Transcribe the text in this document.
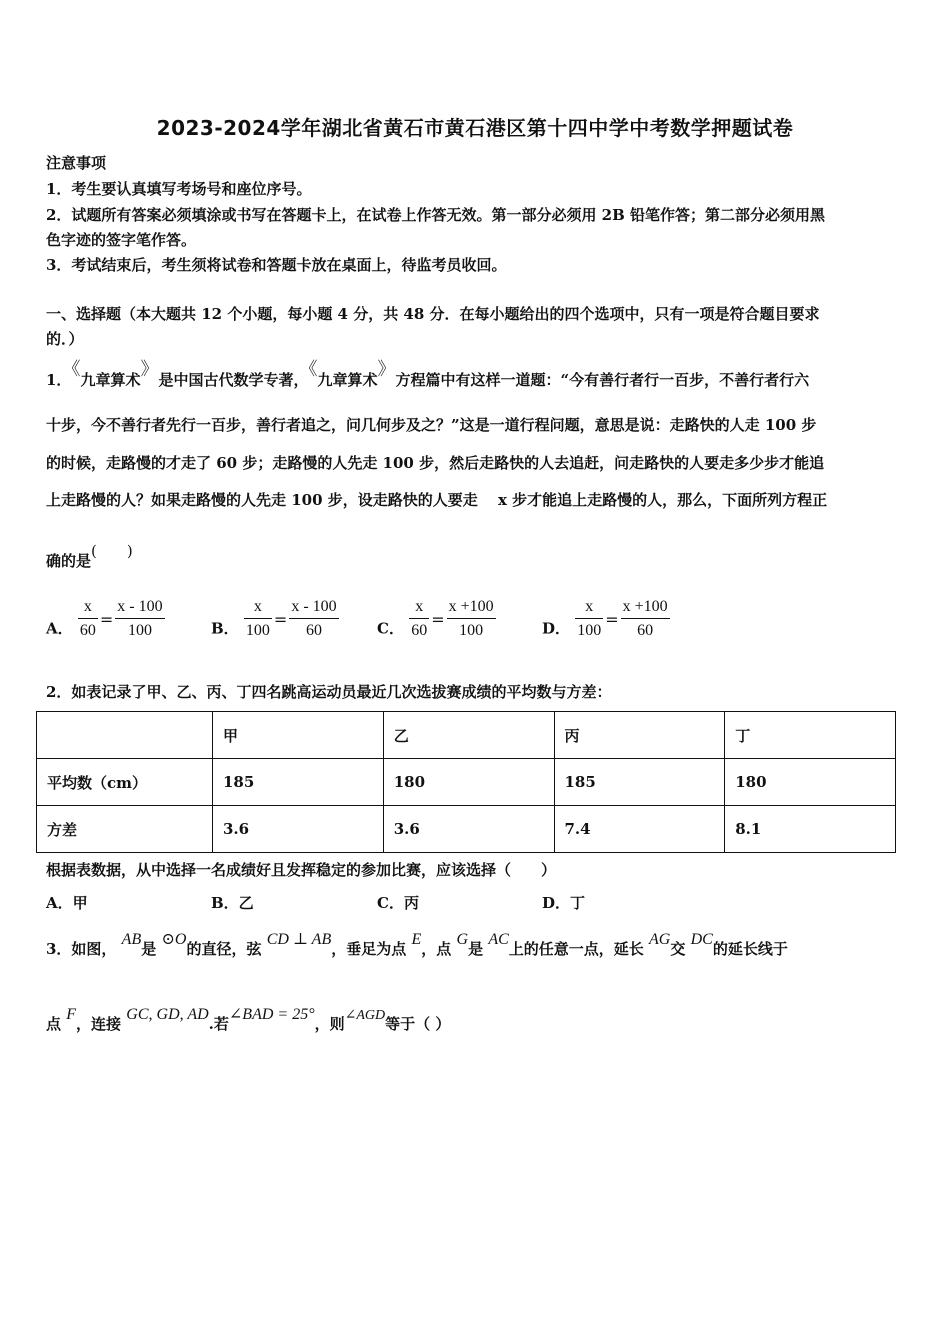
2023-2024学年湖北省黄石市黄石港区第十四中学中考数学押题试卷
注意事项
1．考生要认真填写考场号和座位序号。
2．试题所有答案必须填涂或书写在答题卡上，在试卷上作答无效。第一部分必须用 2B 铅笔作答；第二部分必须用黑
色字迹的签字笔作答。
3．考试结束后，考生须将试卷和答题卡放在桌面上，待监考员收回。
一、选择题（本大题共 12 个小题，每小题 4 分，共 48 分．在每小题给出的四个选项中，只有一项是符合题目要求
的．）
1．《九章算术》是中国古代数学专著，《九章算术》方程篇中有这样一道题：“今有善行者行一百步，不善行者行六
十步，今不善行者先行一百步，善行者追之，问几何步及之？”这是一道行程问题，意思是说：走路快的人走 100 步
的时候，走路慢的才走了 60 步；走路慢的人先走 100 步，然后走路快的人去追赶，问走路快的人要走多少步才能追
上走路慢的人？如果走路慢的人先走 100 步，设走路快的人要走　 x 步才能追上走路慢的人，那么，下面所列方程正
确的是(　　)
A． $\frac{x}{60} = \frac{x - 100}{100}$	B． $\frac{x}{100} = \frac{x - 100}{60}$	C． $\frac{x}{60} = \frac{x +100}{100}$	D． $\frac{x}{100} = \frac{x +100}{60}$
2．如表记录了甲、乙、丙、丁四名跳高运动员最近几次选拔赛成绩的平均数与方差：
	甲	乙	丙	丁
平均数（cm）	185	180	185	180
方差	3.6	3.6	7.4	8.1
根据表数据，从中选择一名成绩好且发挥稳定的参加比赛，应该选择（　　）
A．甲	B．乙	C．丙	D．丁
3．如图， AB是 ⊙O的直径，弦 CD ⊥ AB，垂足为点 E，点 G是 AC上的任意一点，延长 AG交 DC的延长线于
点 F，连接 GC, GD, AD.若∠BAD = 25°，则∠AGD等于（ ）
